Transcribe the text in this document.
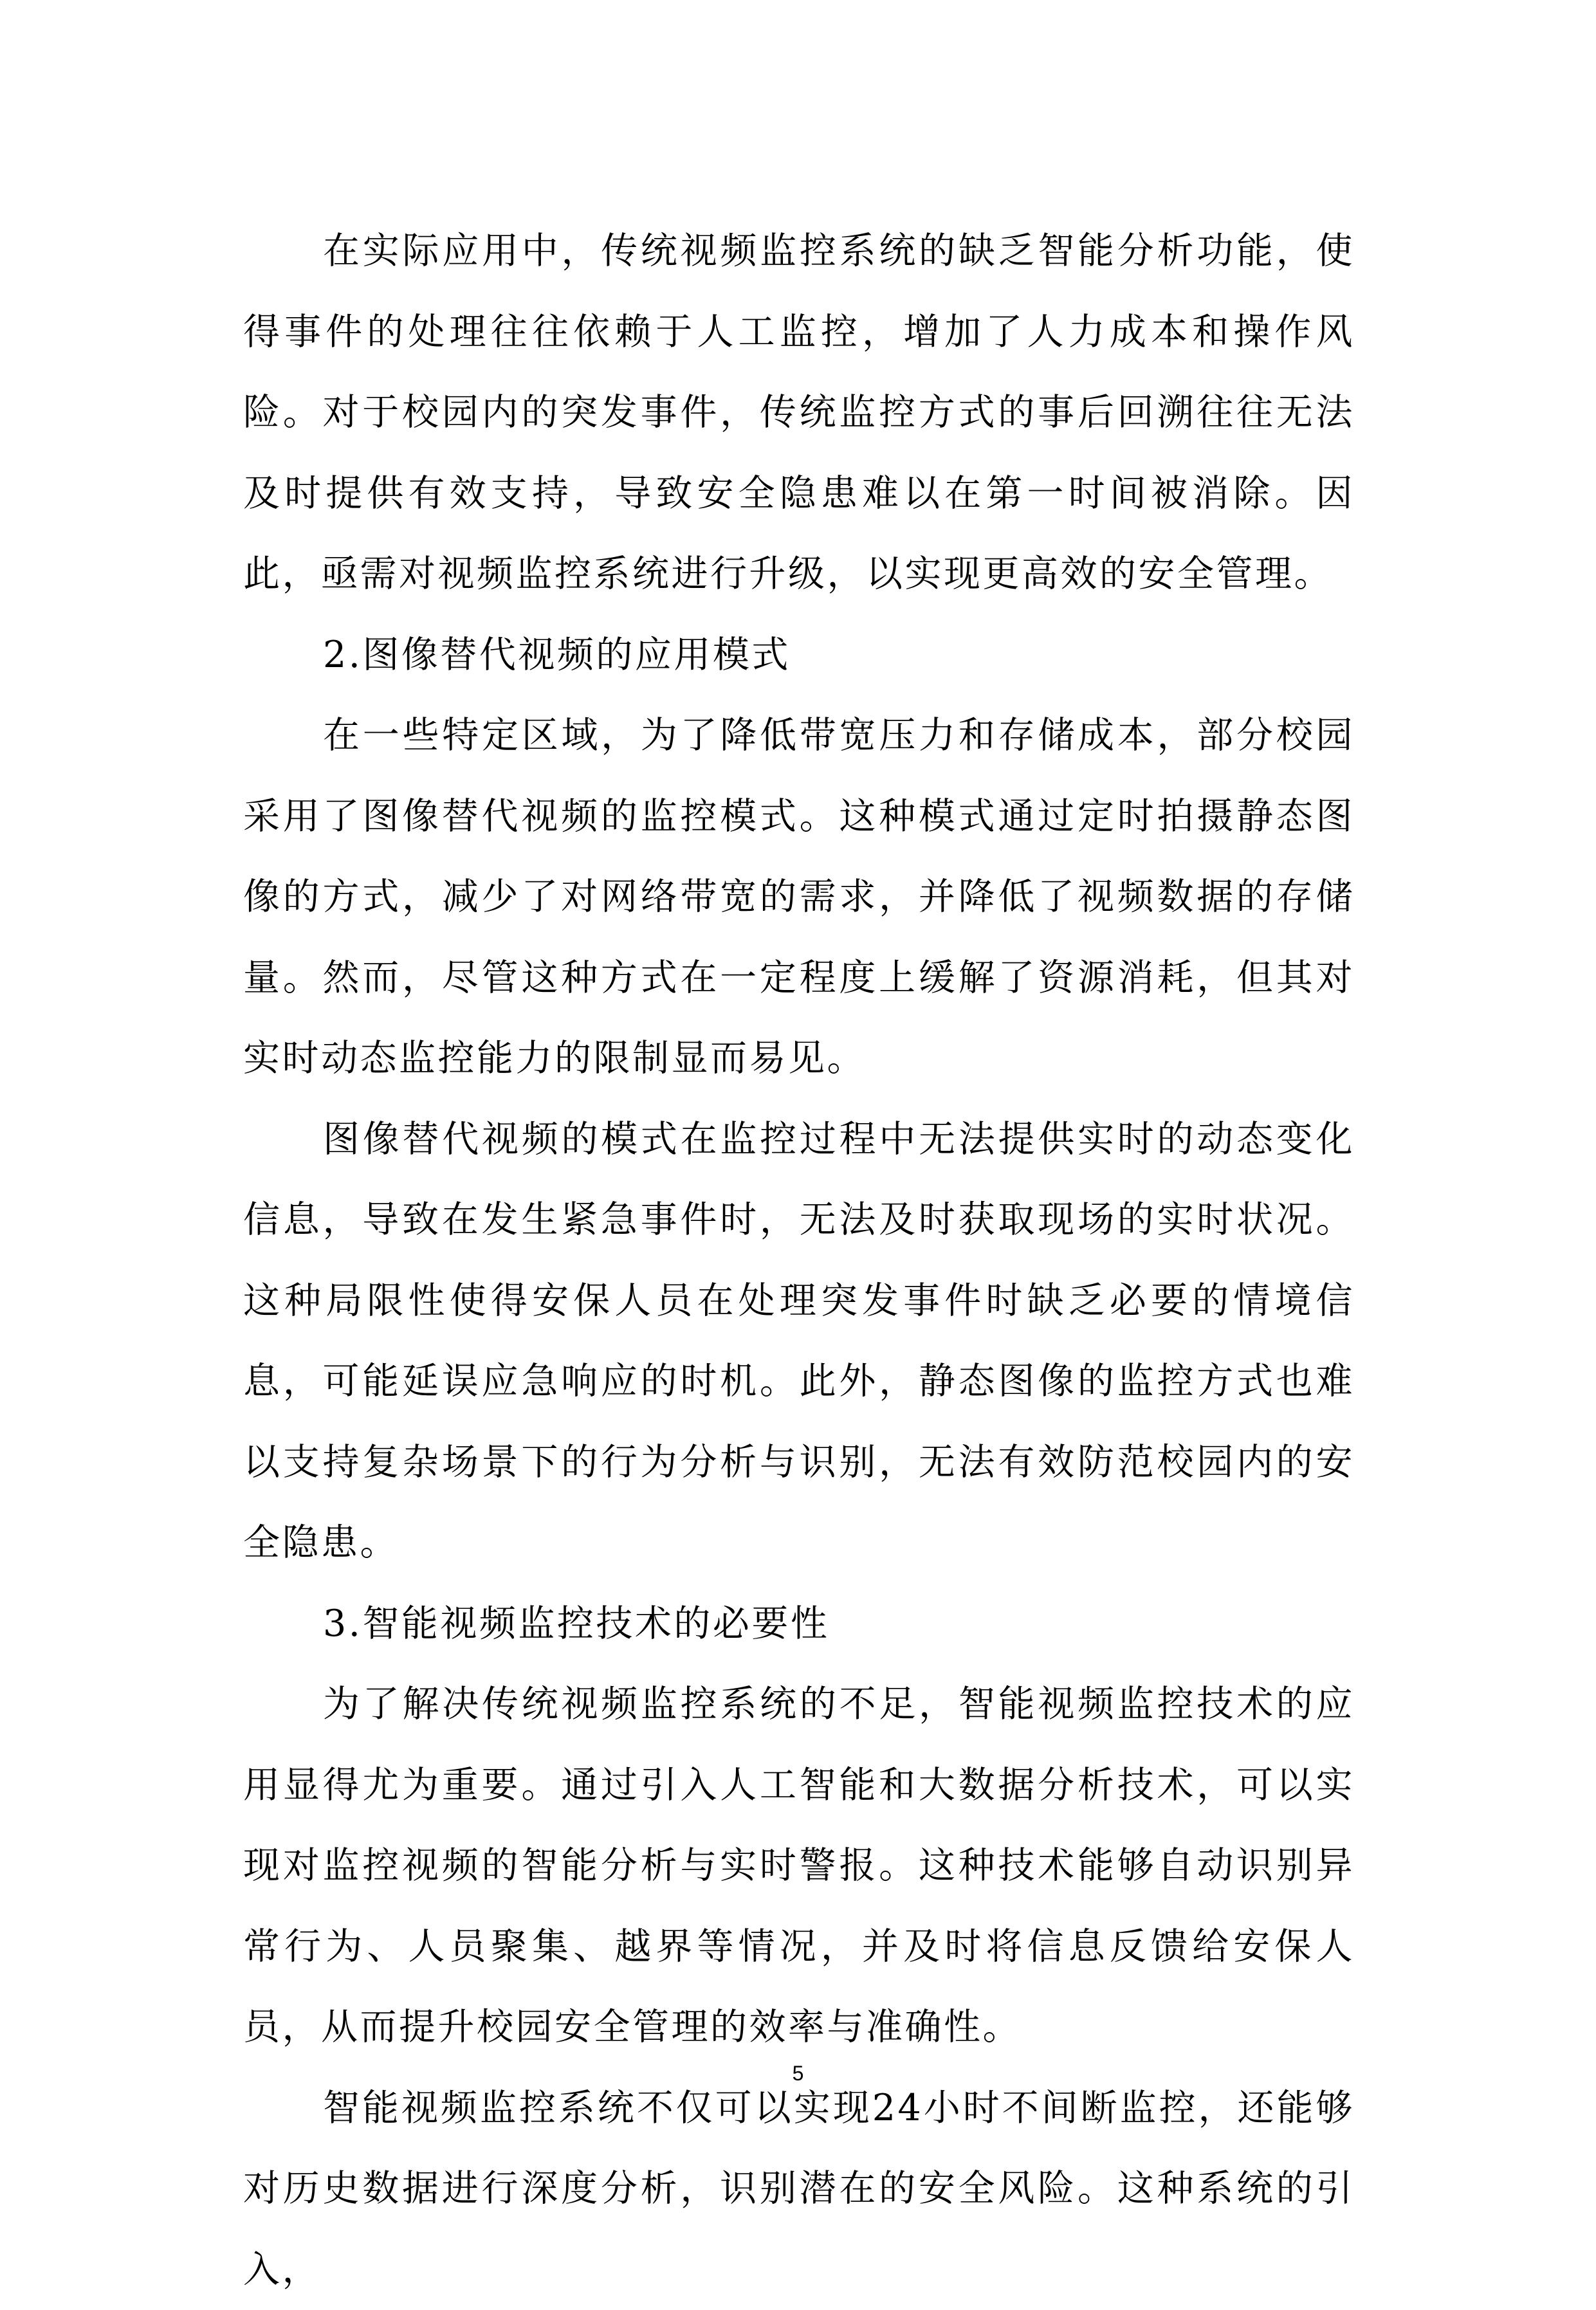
在实际应用中，传统视频监控系统的缺乏智能分析功能，使得事件的处理往往依赖于人工监控，增加了人力成本和操作风险。对于校园内的突发事件，传统监控方式的事后回溯往往无法及时提供有效支持，导致安全隐患难以在第一时间被消除。因此，亟需对视频监控系统进行升级，以实现更高效的安全管理。

2.图像替代视频的应用模式

在一些特定区域，为了降低带宽压力和存储成本，部分校园采用了图像替代视频的监控模式。这种模式通过定时拍摄静态图像的方式，减少了对网络带宽的需求，并降低了视频数据的存储量。然而，尽管这种方式在一定程度上缓解了资源消耗，但其对实时动态监控能力的限制显而易见。

图像替代视频的模式在监控过程中无法提供实时的动态变化信息，导致在发生紧急事件时，无法及时获取现场的实时状况。这种局限性使得安保人员在处理突发事件时缺乏必要的情境信息，可能延误应急响应的时机。此外，静态图像的监控方式也难以支持复杂场景下的行为分析与识别，无法有效防范校园内的安全隐患。

3.智能视频监控技术的必要性

为了解决传统视频监控系统的不足，智能视频监控技术的应用显得尤为重要。通过引入人工智能和大数据分析技术，可以实现对监控视频的智能分析与实时警报。这种技术能够自动识别异常行为、人员聚集、越界等情况，并及时将信息反馈给安保人员，从而提升校园安全管理的效率与准确性。

智能视频监控系统不仅可以实现24小时不间断监控，还能够对历史数据进行深度分析，识别潜在的安全风险。这种系统的引入，

5
